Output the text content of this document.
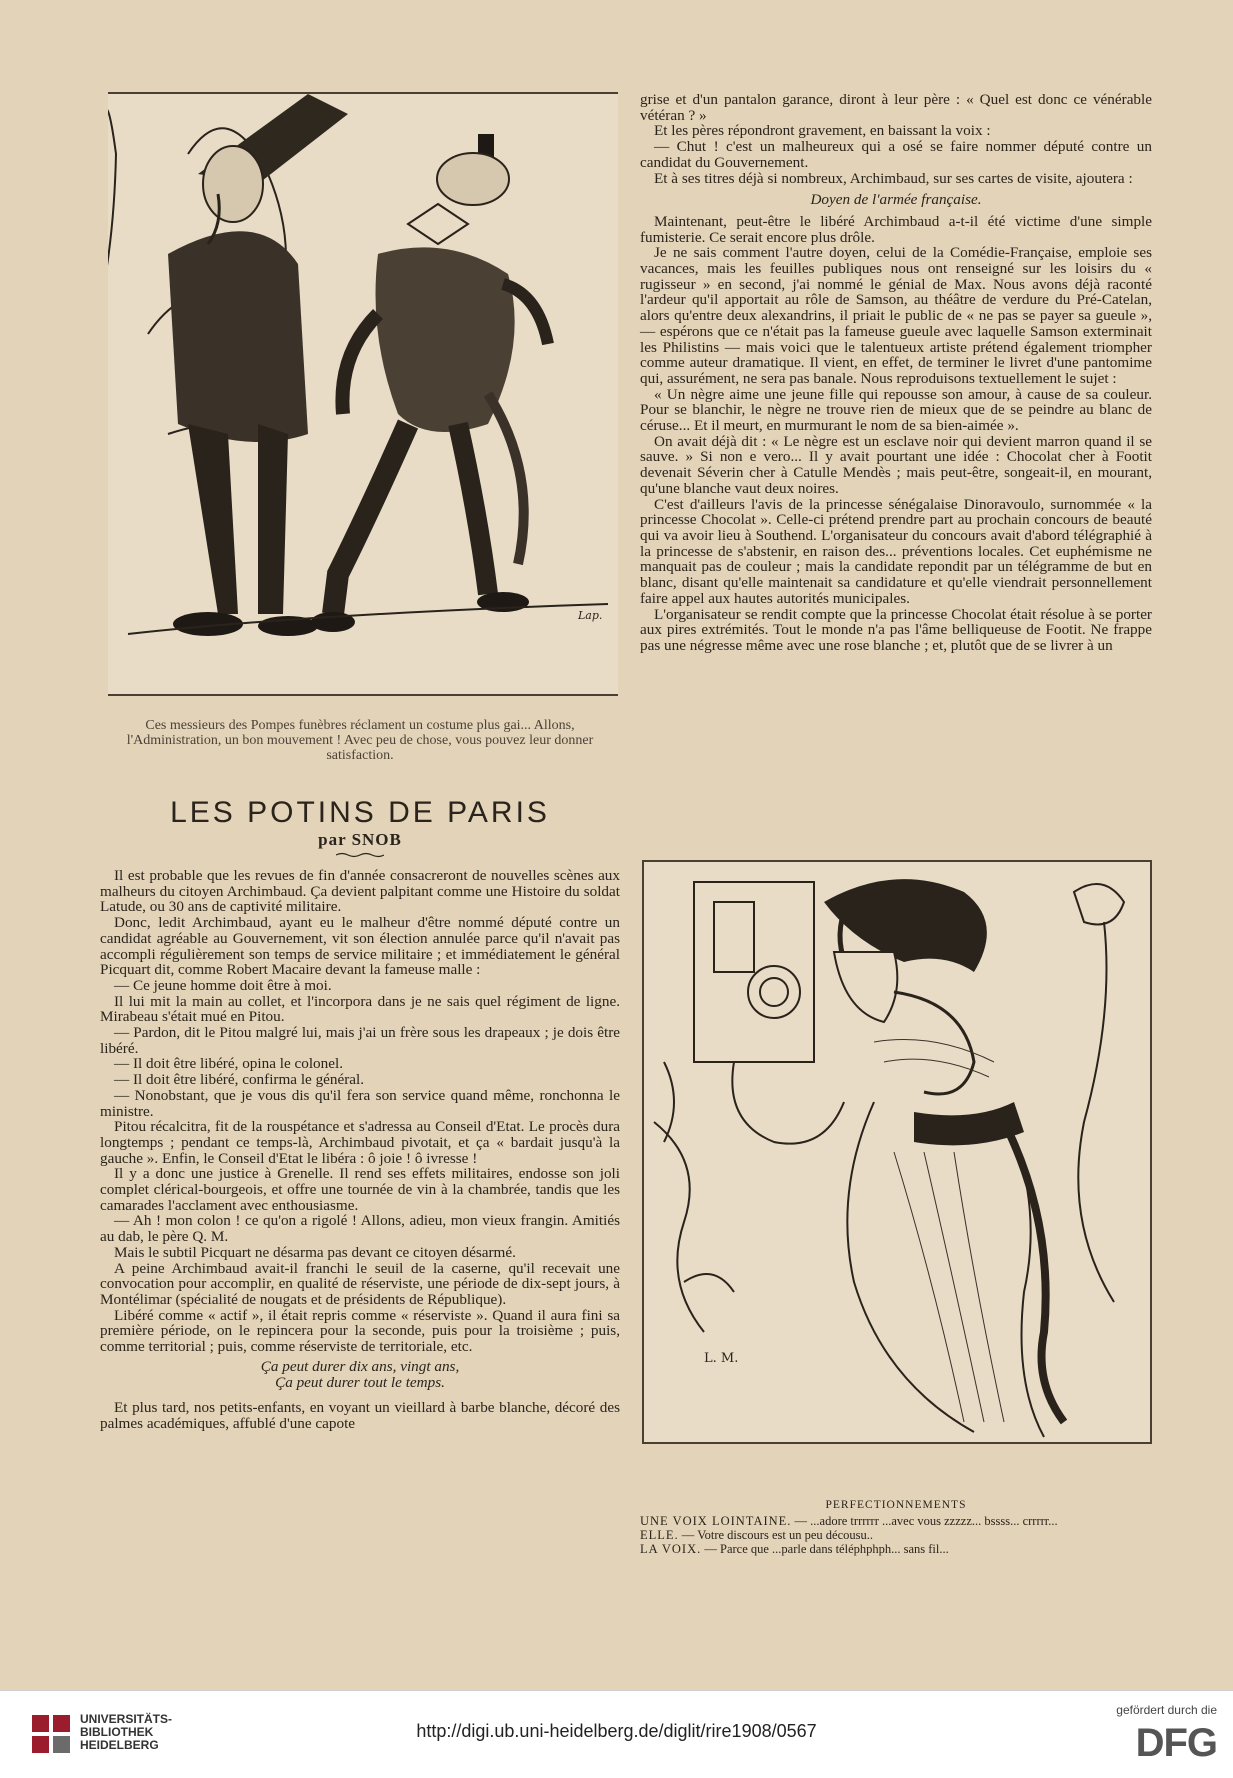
Lap.
Ces messieurs des Pompes funèbres réclament un costume plus gai... Allons, l'Administration, un bon mouvement ! Avec peu de chose, vous pouvez leur donner satisfaction.
LES POTINS DE PARIS
par SNOB

Il est probable que les revues de fin d'année consacreront de nouvelles scènes aux malheurs du citoyen Archimbaud. Ça devient palpitant comme une Histoire du soldat Latude, ou 30 ans de captivité militaire.

Donc, ledit Archimbaud, ayant eu le malheur d'être nommé député contre un candidat agréable au Gouvernement, vit son élection annulée parce qu'il n'avait pas accompli régulièrement son temps de service militaire ; et immédiatement le général Picquart dit, comme Robert Macaire devant la fameuse malle :

— Ce jeune homme doit être à moi.

Il lui mit la main au collet, et l'incorpora dans je ne sais quel régiment de ligne. Mirabeau s'était mué en Pitou.

— Pardon, dit le Pitou malgré lui, mais j'ai un frère sous les drapeaux ; je dois être libéré.

— Il doit être libéré, opina le colonel.

— Il doit être libéré, confirma le général.

— Nonobstant, que je vous dis qu'il fera son service quand même, ronchonna le ministre.

Pitou récalcitra, fit de la rouspétance et s'adressa au Conseil d'Etat. Le procès dura longtemps ; pendant ce temps-là, Archimbaud pivotait, et ça « bardait jusqu'à la gauche ». Enfin, le Conseil d'Etat le libéra : ô joie ! ô ivresse !

Il y a donc une justice à Grenelle. Il rend ses effets militaires, endosse son joli complet clérical-bourgeois, et offre une tournée de vin à la chambrée, tandis que les camarades l'acclament avec enthousiasme.

— Ah ! mon colon ! ce qu'on a rigolé ! Allons, adieu, mon vieux frangin. Amitiés au dab, le père Q. M.

Mais le subtil Picquart ne désarma pas devant ce citoyen désarmé.

A peine Archimbaud avait-il franchi le seuil de la caserne, qu'il recevait une convocation pour accomplir, en qualité de réserviste, une période de dix-sept jours, à Montélimar (spécialité de nougats et de présidents de République).

Libéré comme « actif », il était repris comme « réserviste ». Quand il aura fini sa première période, on le repincera pour la seconde, puis pour la troisième ; puis, comme territorial ; puis, comme réserviste de territoriale, etc.

Ça peut durer dix ans, vingt ans,

Ça peut durer tout le temps.

Et plus tard, nos petits-enfants, en voyant un vieillard à barbe blanche, décoré des palmes académiques, affublé d'une capote

grise et d'un pantalon garance, diront à leur père : « Quel est donc ce vénérable vétéran ? »

Et les pères répondront gravement, en baissant la voix :

— Chut ! c'est un malheureux qui a osé se faire nommer député contre un candidat du Gouvernement.

Et à ses titres déjà si nombreux, Archimbaud, sur ses cartes de visite, ajoutera :

Doyen de l'armée française.

Maintenant, peut-être le libéré Archimbaud a-t-il été victime d'une simple fumisterie. Ce serait encore plus drôle.

Je ne sais comment l'autre doyen, celui de la Comédie-Française, emploie ses vacances, mais les feuilles publiques nous ont renseigné sur les loisirs du « rugisseur » en second, j'ai nommé le génial de Max. Nous avons déjà raconté l'ardeur qu'il apportait au rôle de Samson, au théâtre de verdure du Pré-Catelan, alors qu'entre deux alexandrins, il priait le public de « ne pas se payer sa gueule », — espérons que ce n'était pas la fameuse gueule avec laquelle Samson exterminait les Philistins — mais voici que le talentueux artiste prétend également triompher comme auteur dramatique. Il vient, en effet, de terminer le livret d'une pantomime qui, assurément, ne sera pas banale. Nous reproduisons textuellement le sujet :

« Un nègre aime une jeune fille qui repousse son amour, à cause de sa couleur. Pour se blanchir, le nègre ne trouve rien de mieux que de se peindre au blanc de céruse... Et il meurt, en murmurant le nom de sa bien-aimée ».

On avait déjà dit : « Le nègre est un esclave noir qui devient marron quand il se sauve. » Si non e vero... Il y avait pourtant une idée : Chocolat cher à Footit devenait Séverin cher à Catulle Mendès ; mais peut-être, songeait-il, en mourant, qu'une blanche vaut deux noires.

C'est d'ailleurs l'avis de la princesse sénégalaise Dinoravoulo, surnommée « la princesse Chocolat ». Celle-ci prétend prendre part au prochain concours de beauté qui va avoir lieu à Southend. L'organisateur du concours avait d'abord télégraphié à la princesse de s'abstenir, en raison des... préventions locales. Cet euphémisme ne manquait pas de couleur ; mais la candidate repondit par un télégramme de but en blanc, disant qu'elle maintenait sa candidature et qu'elle viendrait personnellement faire appel aux hautes autorités municipales.

L'organisateur se rendit compte que la princesse Chocolat était résolue à se porter aux pires extrémités. Tout le monde n'a pas l'âme belliqueuse de Footit. Ne frappe pas une négresse même avec une rose blanche ; et, plutôt que de se livrer à un

L. M.
PERFECTIONNEMENTS

UNE VOIX LOINTAINE. — ...adore trrrrrr ...avec vous zzzzz... bssss... crrrrr...

ELLE. — Votre discours est un peu décousu..

LA VOIX. — Parce que ...parle dans téléphphph... sans fil...

UNIVERSITÄTS-
BIBLIOTHEK
HEIDELBERG
http://digi.ub.uni-heidelberg.de/diglit/rire1908/0567
gefördert durch die
DFG
